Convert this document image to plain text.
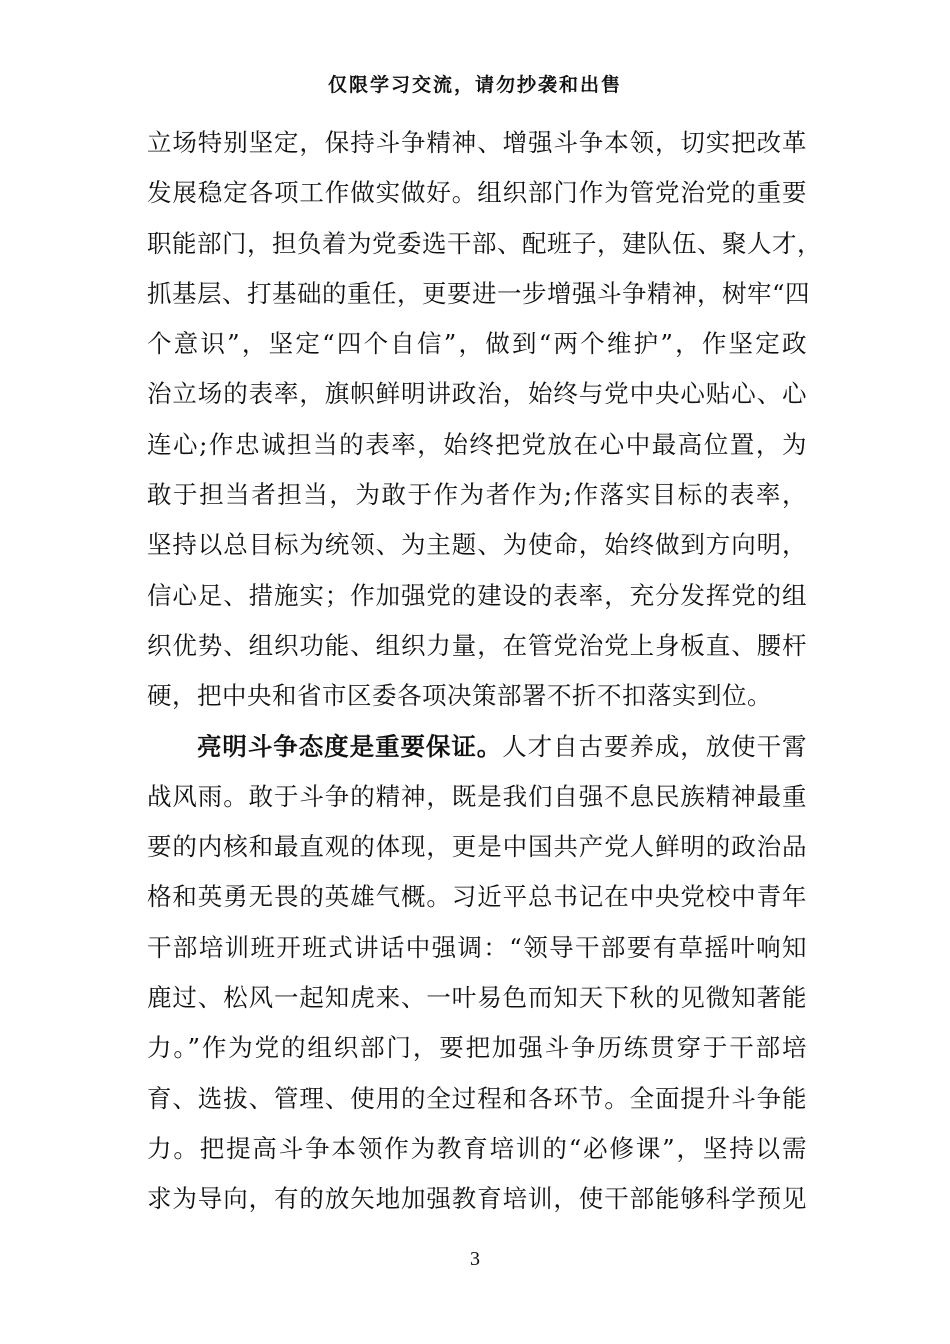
仅限学习交流，请勿抄袭和出售
立场特别坚定，保持斗争精神、增强斗争本领，切实把改革
发展稳定各项工作做实做好。组织部门作为管党治党的重要
职能部门，担负着为党委选干部、配班子，建队伍、聚人才，
抓基层、打基础的重任，更要进一步增强斗争精神，树牢“四
个意识”，坚定“四个自信”，做到“两个维护”，作坚定政
治立场的表率，旗帜鲜明讲政治，始终与党中央心贴心、心
连心;作忠诚担当的表率，始终把党放在心中最高位置，为
敢于担当者担当，为敢于作为者作为;作落实目标的表率，
坚持以总目标为统领、为主题、为使命，始终做到方向明，
信心足、措施实；作加强党的建设的表率，充分发挥党的组
织优势、组织功能、组织力量，在管党治党上身板直、腰杆
硬，把中央和省市区委各项决策部署不折不扣落实到位。
亮明斗争态度是重要保证。人才自古要养成，放使干霄
战风雨。敢于斗争的精神，既是我们自强不息民族精神最重
要的内核和最直观的体现，更是中国共产党人鲜明的政治品
格和英勇无畏的英雄气概。习近平总书记在中央党校中青年
干部培训班开班式讲话中强调：“领导干部要有草摇叶响知
鹿过、松风一起知虎来、一叶易色而知天下秋的见微知著能
力。”作为党的组织部门，要把加强斗争历练贯穿于干部培
育、选拔、管理、使用的全过程和各环节。全面提升斗争能
力。把提高斗争本领作为教育培训的“必修课”，坚持以需
求为导向，有的放矢地加强教育培训，使干部能够科学预见
3
